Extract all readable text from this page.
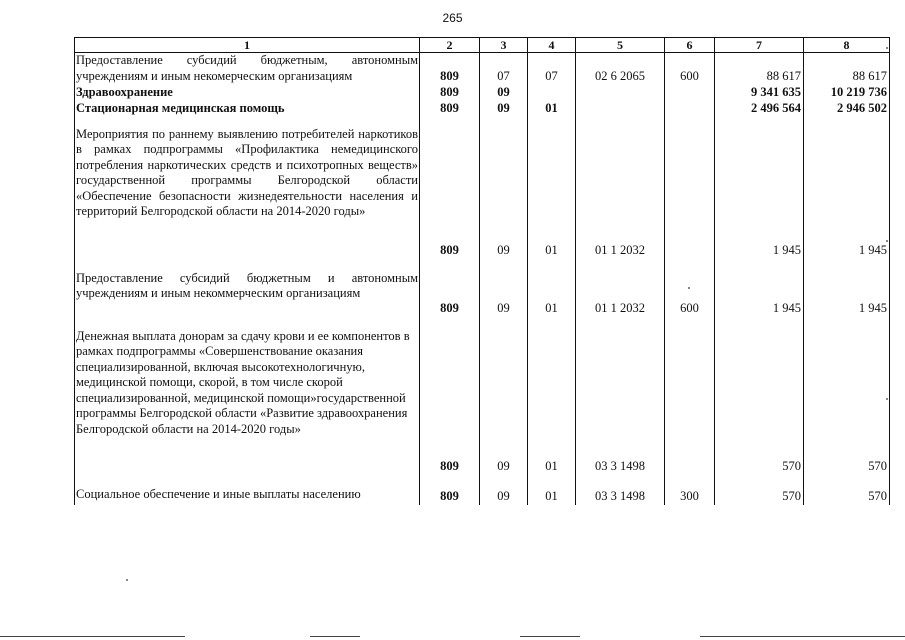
265
1	2	3	4	5	6	7	8
Предоставление субсидий бюджетным, автономным учреждениям и иным некомерческим организациям	809	07	07	02 6 2065	600	88 617	88 617
Здравоохранение	809	09				9 341 635	10 219 736
Стационарная медицинская помощь	809	09	01			2 496 564	2 946 502
Мероприятия по раннему выявлению потребителей наркотиков в рамках подпрограммы «Профилактика немедицинского потребления наркотических средств и психотропных веществ» государственной программы Белгородской области «Обеспечение безопасности жизнедеятельности населения и территорий Белгородской области на 2014-2020 годы»	809	09	01	01 1 2032		1 945	1 945
Предоставление субсидий бюджетным и автономным учреждениям и иным некоммерческим организациям	809	09	01	01 1 2032	600	1 945	1 945
Денежная выплата донорам за сдачу крови и ее компонентов в рамках подпрограммы «Совершенствование оказания специализированной, включая высокотехнологичную, медицинской помощи, скорой, в том числе скорой специализированной, медицинской помощи»государственной программы Белгородской области «Развитие здравоохранения Белгородской области на 2014-2020 годы»	809	09	01	03 3 1498		570	570
Социальное обеспечение и иные выплаты населению	809	09	01	03 3 1498	300	570	570
